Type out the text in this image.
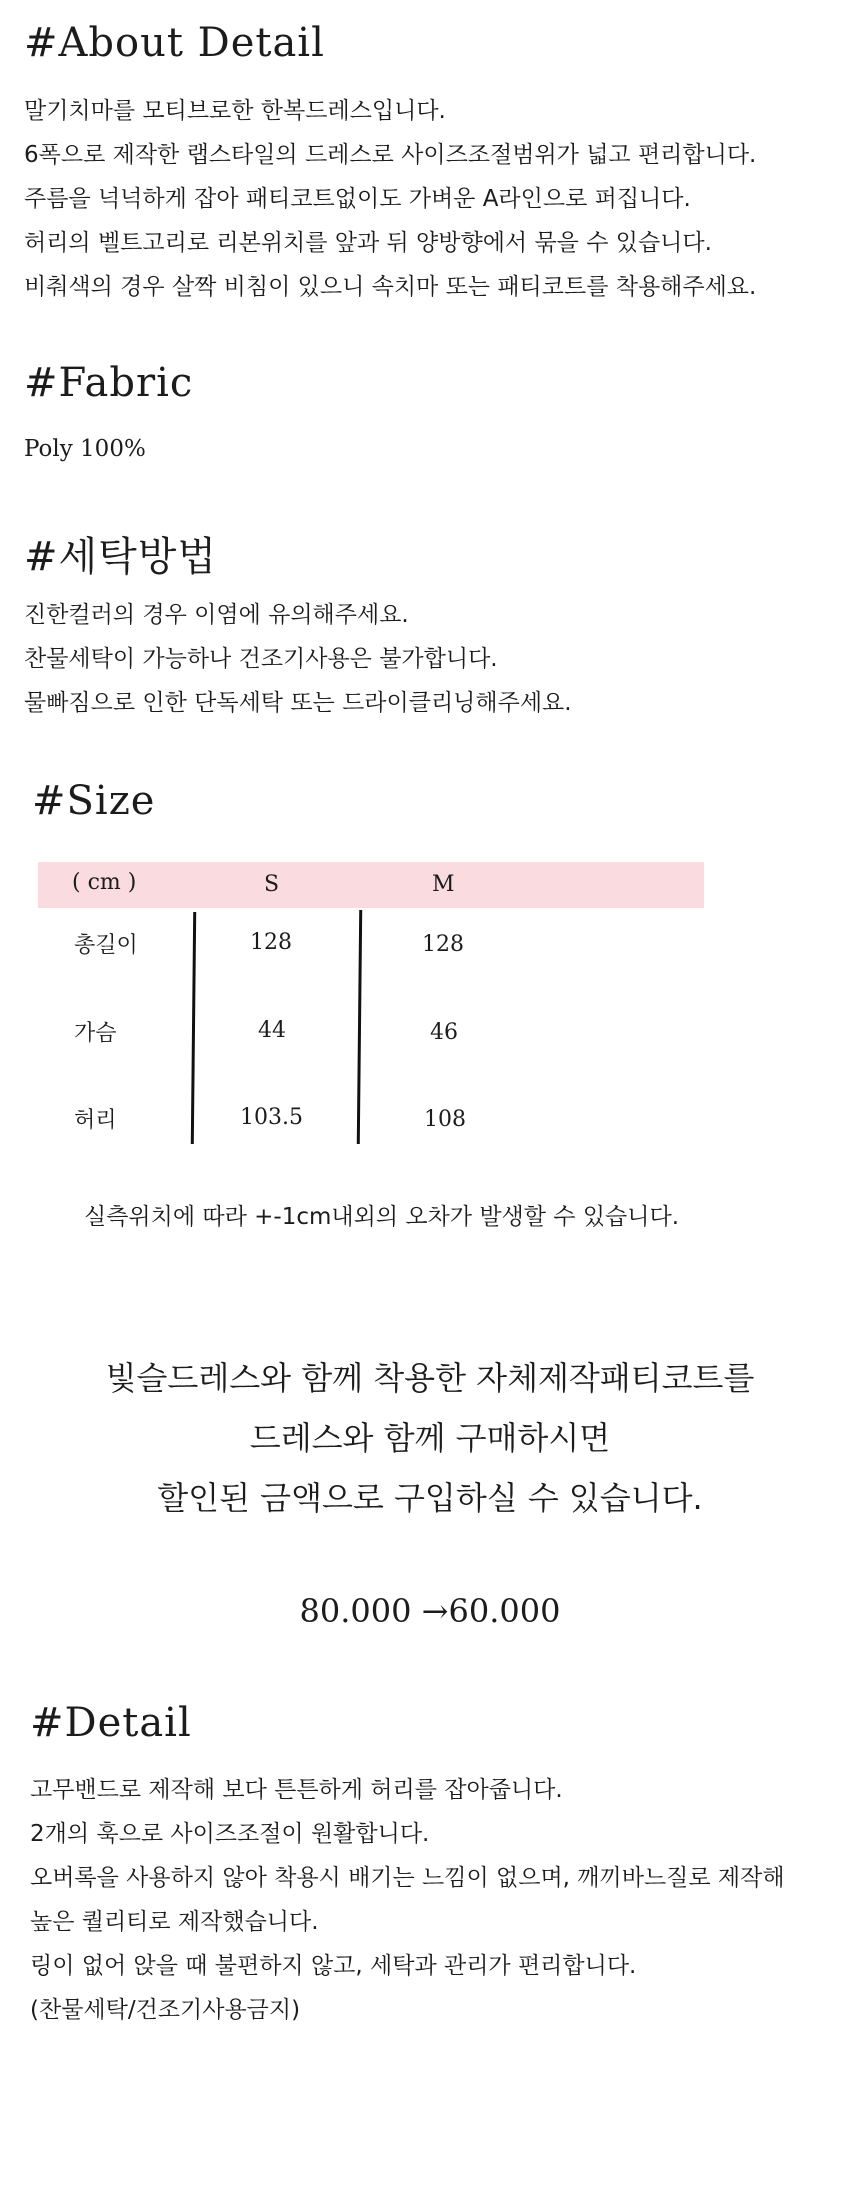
#About Detail
말기치마를 모티브로한 한복드레스입니다.
6폭으로 제작한 랩스타일의 드레스로 사이즈조절범위가 넓고 편리합니다.
주름을 넉넉하게 잡아 패티코트없이도 가벼운 A라인으로 퍼집니다.
허리의 벨트고리로 리본위치를 앞과 뒤 양방향에서 묶을 수 있습니다.
비춰색의 경우 살짝 비침이 있으니 속치마 또는 패티코트를 착용해주세요.
#Fabric
Poly 100%
#세탁방법
진한컬러의 경우 이염에 유의해주세요.
찬물세탁이 가능하나 건조기사용은 불가합니다.
물빠짐으로 인한 단독세탁 또는 드라이클리닝해주세요.
#Size
( cm )	S	M
총길이	128	128
가슴	44	46
허리	103.5	108
실측위치에 따라 +-1cm내외의 오차가 발생할 수 있습니다.
빛슬드레스와 함께 착용한 자체제작패티코트를
드레스와 함께 구매하시면
할인된 금액으로 구입하실 수 있습니다.
80.000 →60.000
#Detail
고무밴드로 제작해 보다 튼튼하게 허리를 잡아줍니다.
2개의 훅으로 사이즈조절이 원활합니다.
오버록을 사용하지 않아 착용시 배기는 느낌이 없으며, 깨끼바느질로 제작해
높은 퀄리티로 제작했습니다.
링이 없어 앉을 때 불편하지 않고, 세탁과 관리가 편리합니다.
(찬물세탁/건조기사용금지)
